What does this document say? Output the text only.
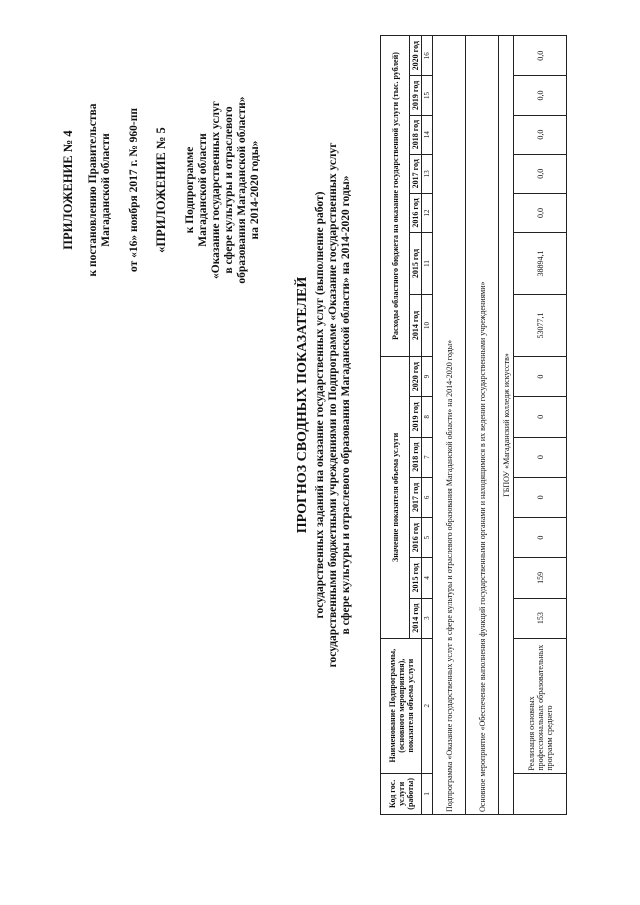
ПРИЛОЖЕНИЕ № 4 к постановлению Правительства Магаданской области от «16» ноября 2017 г. № 960-пп «ПРИЛОЖЕНИЕ № 5 к Подпрограмме Магаданской области «Оказание государственных услуг в сфере культуры и отраслевого образования Магаданской области» на 2014-2020 годы»
ПРОГНОЗ СВОДНЫХ ПОКАЗАТЕЛЕЙ государственных заданий на оказание государственных услуг (выполнение работ) государственными бюджетными учреждениями по Подпрограмме «Оказание государственных услуг в сфере культуры и отраслевого образования Магаданской области» на 2014-2020 годы»
Код гос. услуги (работы)	Наименование Подпрограммы, (основного мероприятия), показателя объема услуги	Значение показателя объема услуги							Расходы областного бюджета на оказание государственной услуги (тыс. рублей)						
		2014 год	2015 год	2016 год	2017 год	2018 год	2019 год	2020 год	2014 год	2015 год	2016 год	2017 год	2018 год	2019 год	2020 год
1	2	3	4	5	6	7	8	9	10	11	12	13	14	15	16
Подпрограмма «Оказание государственных услуг в сфере культуры и отраслевого образования Магаданской области» на 2014-2020 годы»															
Основное мероприятие «Обеспечение выполнения функций государственными органами и находящимися в их ведении государственными учреждениями»															
ГБПОУ «Магаданский колледж искусств»															
	Реализация основных профессиональных образовательных программ среднего	153	159	0	0	0	0	0	53077,1	38894,1	0,0	0,0	0,0	0,0	0,0
